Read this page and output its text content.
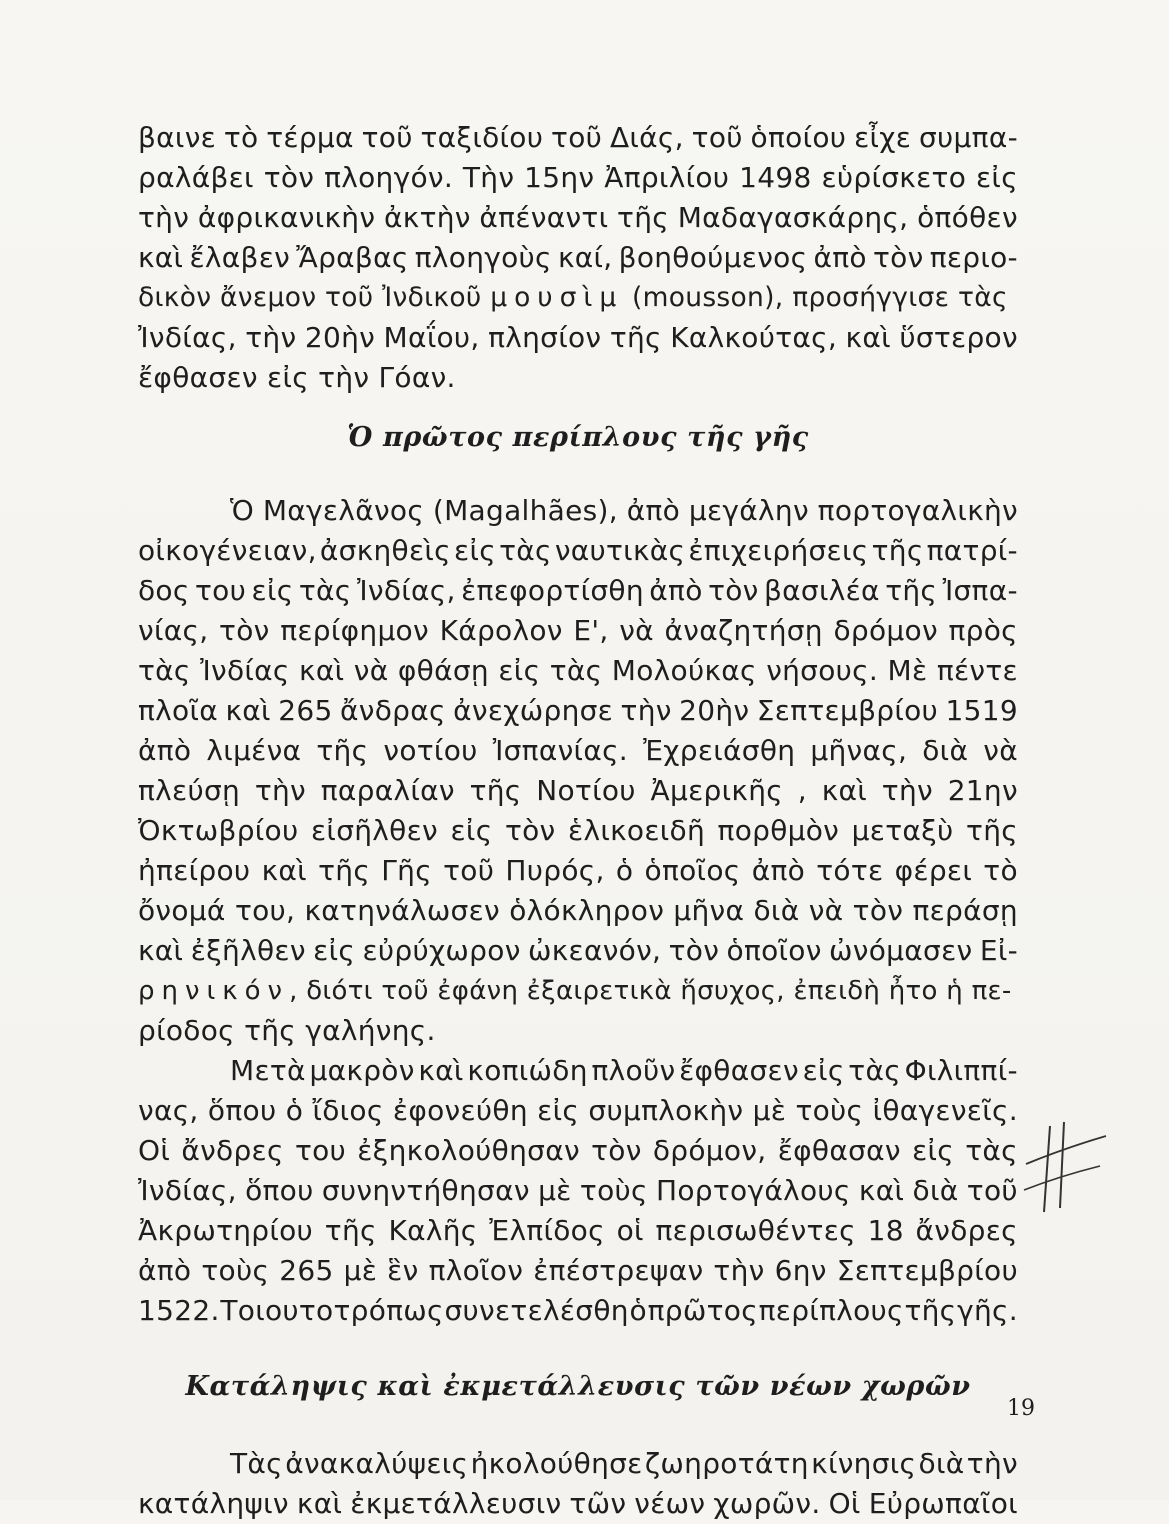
βαινε τὸ τέρμα τοῦ ταξιδίου τοῦ Διάς, τοῦ ὁποίου εἶχε συμπα-
ραλάβει τὸν πλοηγόν. Τὴν 15ην Ἀπριλίου 1498 εὑρίσκετο εἰς
τὴν ἀφρικανικὴν ἀκτὴν ἀπέναντι τῆς Μαδαγασκάρης, ὁπόθεν
καὶ ἔλαβεν Ἄραβας πλοηγοὺς καί, βοηθούμενος ἀπὸ τὸν περιο-
δικὸν ἄνεμον τοῦ Ἰνδικοῦ μουσὶμ (mousson), προσήγγισε τὰς
Ἰνδίας, τὴν 20ὴν Μαΐου, πλησίον τῆς Καλκούτας, καὶ ὕστερον
ἔφθασεν εἰς τὴν Γόαν.
Ὁ πρῶτος περίπλους τῆς γῆς
Ὁ Μαγελᾶνος (Magalhães), ἀπὸ μεγάλην πορτογαλικὴν
οἰκογένειαν, ἀσκηθεὶς εἰς τὰς ναυτικὰς ἐπιχειρήσεις τῆς πατρί-
δος του εἰς τὰς Ἰνδίας, ἐπεφορτίσθη ἀπὸ τὸν βασιλέα τῆς Ἰσπα-
νίας, τὸν περίφημον Κάρολον Ε', νὰ ἀναζητήσῃ δρόμον πρὸς
τὰς Ἰνδίας καὶ νὰ φθάσῃ εἰς τὰς Μολούκας νήσους. Μὲ πέντε
πλοῖα καὶ 265 ἄνδρας ἀνεχώρησε τὴν 20ὴν Σεπτεμβρίου 1519
ἀπὸ λιμένα τῆς νοτίου Ἰσπανίας. Ἐχρειάσθη μῆνας, διὰ νὰ
πλεύσῃ τὴν παραλίαν τῆς Νοτίου Ἀμερικῆς , καὶ τὴν 21ην
Ὀκτωβρίου εἰσῆλθεν εἰς τὸν ἑλικοειδῆ πορθμὸν μεταξὺ τῆς
ἠπείρου καὶ τῆς Γῆς τοῦ Πυρός, ὁ ὁποῖος ἀπὸ τότε φέρει τὸ
ὄνομά του, κατηνάλωσεν ὁλόκληρον μῆνα διὰ νὰ τὸν περάσῃ
καὶ ἐξῆλθεν εἰς εὐρύχωρον ὠκεανόν, τὸν ὁποῖον ὠνόμασεν Εἰ-
ρηνικόν, διότι τοῦ ἐφάνη ἐξαιρετικὰ ἥσυχος, ἐπειδὴ ἦτο ἡ πε-
ρίοδος τῆς γαλήνης.
Μετὰ μακρὸν καὶ κοπιώδη πλοῦν ἔφθασεν εἰς τὰς Φιλιππί-
νας, ὅπου ὁ ἴδιος ἐφονεύθη εἰς συμπλοκὴν μὲ τοὺς ἰθαγενεῖς.
Οἱ ἄνδρες του ἐξηκολούθησαν τὸν δρόμον, ἔφθασαν εἰς τὰς
Ἰνδίας, ὅπου συνηντήθησαν μὲ τοὺς Πορτογάλους καὶ διὰ τοῦ
Ἀκρωτηρίου τῆς Καλῆς Ἐλπίδος οἱ περισωθέντες 18 ἄνδρες
ἀπὸ τοὺς 265 μὲ ἓν πλοῖον ἐπέστρεψαν τὴν 6ην Σεπτεμβρίου
1522. Τοιουτοτρόπως συνετελέσθη ὁ πρῶτος περίπλους τῆς γῆς.
Κατάληψις καὶ ἐκμετάλλευσις τῶν νέων χωρῶν
Τὰς ἀνακαλύψεις ἠκολούθησε ζωηροτάτη κίνησις διὰ τὴν
κατάληψιν καὶ ἐκμετάλλευσιν τῶν νέων χωρῶν. Οἱ Εὐρωπαῖοι
19
